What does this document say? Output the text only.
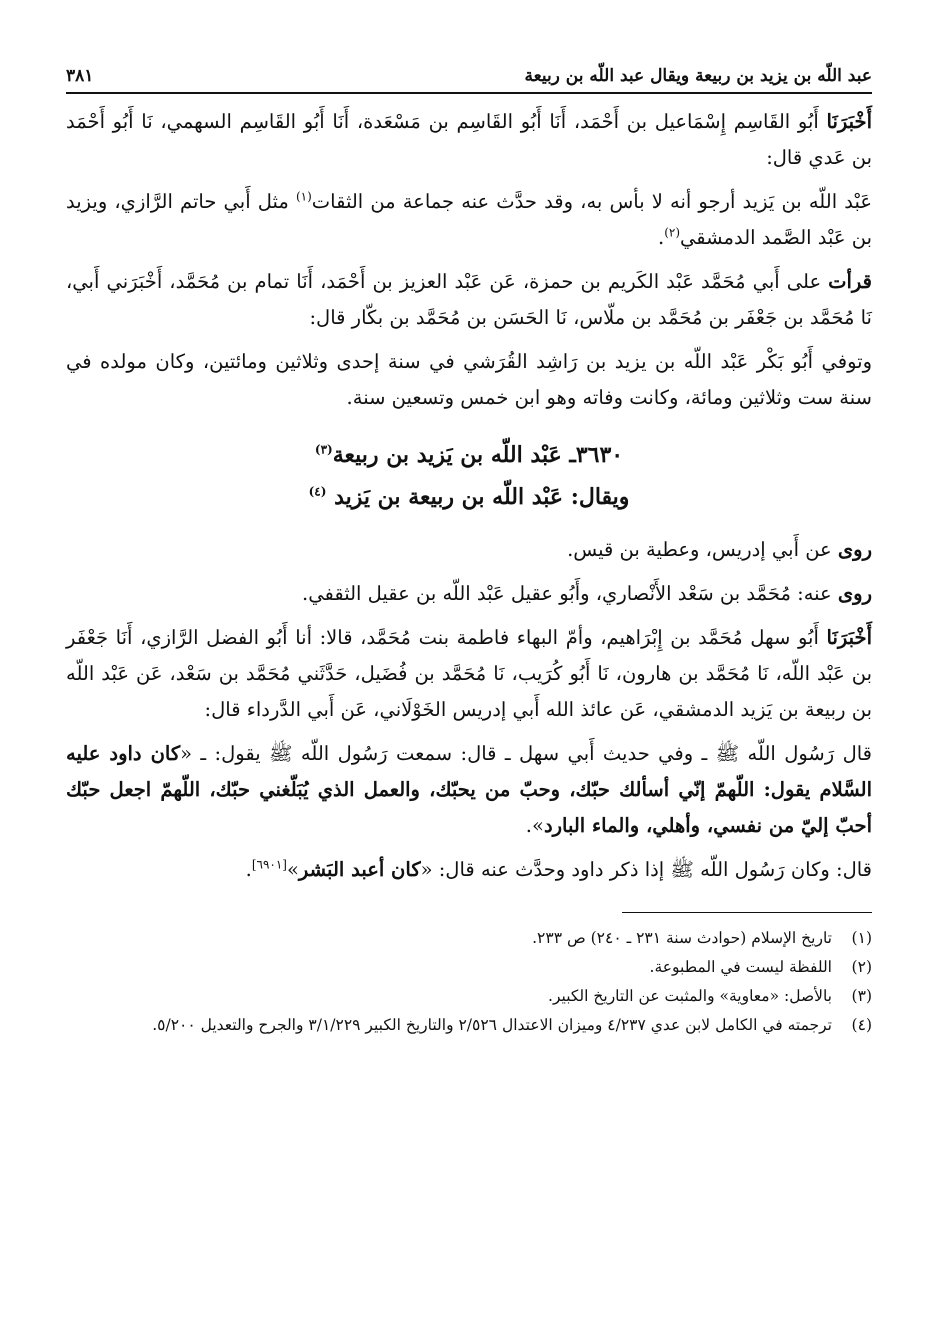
عبد اللّه بن يزيد بن ربيعة ويقال عبد اللّه بن ربيعة
٣٨١

أَخْبَرَنَا أَبُو القَاسِم إِسْمَاعيل بن أَحْمَد، أَنَا أَبُو القَاسِم بن مَسْعَدة، أَنَا أَبُو القَاسِم السهمي، نَا أَبُو أَحْمَد بن عَدي قال:

عَبْد اللّه بن يَزيد أرجو أنه لا بأس به، وقد حدَّث عنه جماعة من الثقات$^{(١)}$ مثل أَبي حاتم الرَّازي، ويزيد بن عَبْد الصَّمد الدمشقي$^{(٢)}$.

قرأت على أَبي مُحَمَّد عَبْد الكَريم بن حمزة، عَن عَبْد العزيز بن أَحْمَد، أَنَا تمام بن مُحَمَّد، أَخْبَرَني أَبي، نَا مُحَمَّد بن جَعْفَر بن مُحَمَّد بن ملّاس، نَا الحَسَن بن مُحَمَّد بن بكّار قال:

وتوفي أَبُو بَكْر عَبْد اللّه بن يزيد بن رَاشِد القُرَشي في سنة إحدى وثلاثين ومائتين، وكان مولده في سنة ست وثلاثين ومائة، وكانت وفاته وهو ابن خمس وتسعين سنة.

٣٦٣٠ـ عَبْد اللّه بن يَزيد بن ربيعة$^{(٣)}$
ويقال: عَبْد اللّه بن ربيعة بن يَزيد $^{(٤)}$

روى عن أَبي إدريس، وعطية بن قيس.

روى عنه: مُحَمَّد بن سَعْد الأَنْصاري، وأَبُو عقيل عَبْد اللّه بن عقيل الثقفي.

أَخْبَرَنَا أَبُو سهل مُحَمَّد بن إِبْرَاهيم، وأمّ البهاء فاطمة بنت مُحَمَّد، قالا: أنا أَبُو الفضل الرَّازي، أَنَا جَعْفَر بن عَبْد اللّه، نَا مُحَمَّد بن هارون، نَا أَبُو كُرَيب، نَا مُحَمَّد بن فُضَيل، حَدَّثَني مُحَمَّد بن سَعْد، عَن عَبْد اللّه بن ربيعة بن يَزيد الدمشقي، عَن عائذ الله أَبي إدريس الخَوْلَاني، عَن أَبي الدَّرداء قال:

قال رَسُول اللّه ﷺ ـ وفي حديث أَبي سهل ـ قال: سمعت رَسُول اللّه ﷺ يقول: ـ «كان داود عليه السَّلام يقول: اللّهمّ إنّي أسألك حبّك، وحبّ من يحبّك، والعمل الذي يُبَلّغني حبّك، اللّهمّ اجعل حبّك أحبّ إليّ من نفسي، وأهلي، والماء البارد».

قال: وكان رَسُول اللّه ﷺ إذا ذكر داود وحدَّث عنه قال: «كان أعبد البَشر»[٦٩٠١].

(١)
تاريخ الإسلام (حوادث سنة ٢٣١ ـ ٢٤٠) ص ٢٣٣.
(٢)
اللفظة ليست في المطبوعة.
(٣)
بالأصل: «معاوية» والمثبت عن التاريخ الكبير.
(٤)
ترجمته في الكامل لابن عدي ٤/٢٣٧ وميزان الاعتدال ٢/٥٢٦ والتاريخ الكبير ٣/١/٢٢٩ والجرح والتعديل ٥/٢٠٠.
